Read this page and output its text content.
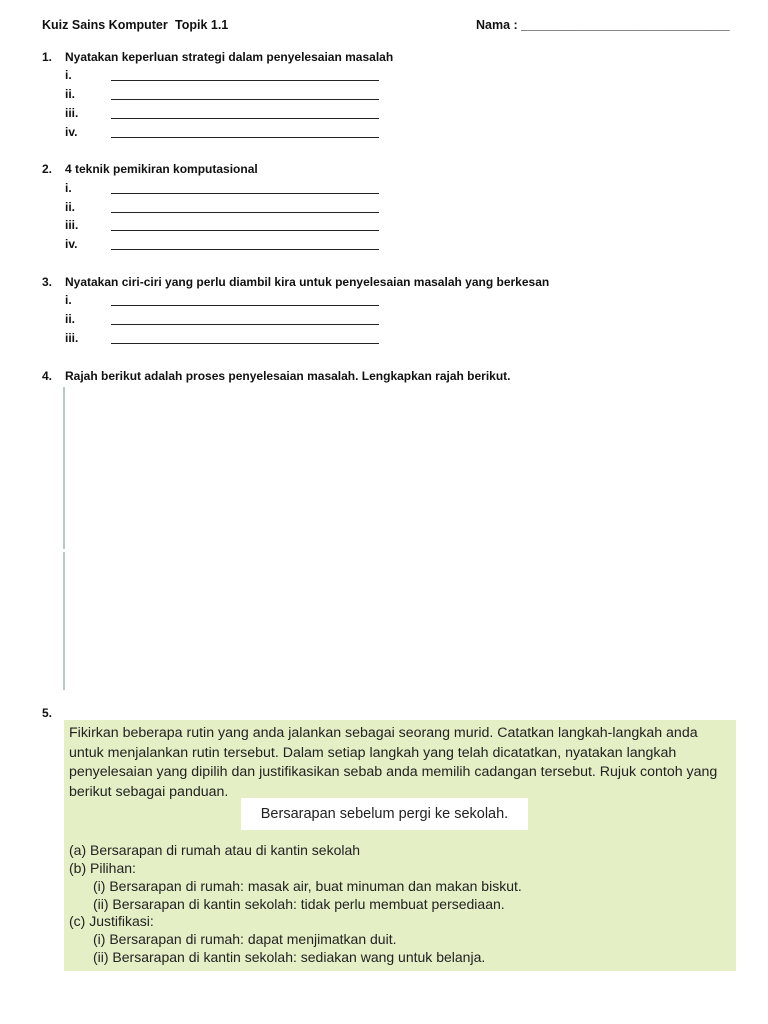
Kuiz Sains Komputer Topik 1.1	Nama : ______________________________
1. Nyatakan keperluan strategi dalam penyelesaian masalah
i.
ii.
iii.
iv.
2. 4 teknik pemikiran komputasional
i.
ii.
iii.
iv.
3. Nyatakan ciri-ciri yang perlu diambil kira untuk penyelesaian masalah yang berkesan
i.
ii.
iii.
4. Rajah berikut adalah proses penyelesaian masalah. Lengkapkan rajah berikut.
5.

Fikirkan beberapa rutin yang anda jalankan sebagai seorang murid. Catatkan langkah-langkah anda untuk menjalankan rutin tersebut. Dalam setiap langkah yang telah dicatatkan, nyatakan langkah penyelesaian yang dipilih dan justifikasikan sebab anda memilih cadangan tersebut. Rujuk contoh yang berikut sebagai panduan.

Bersarapan sebelum pergi ke sekolah.
(a) Bersarapan di rumah atau di kantin sekolah
(b) Pilihan:
(i) Bersarapan di rumah: masak air, buat minuman dan makan biskut.
(ii) Bersarapan di kantin sekolah: tidak perlu membuat persediaan.
(c) Justifikasi:
(i) Bersarapan di rumah: dapat menjimatkan duit.
(ii) Bersarapan di kantin sekolah: sediakan wang untuk belanja.
